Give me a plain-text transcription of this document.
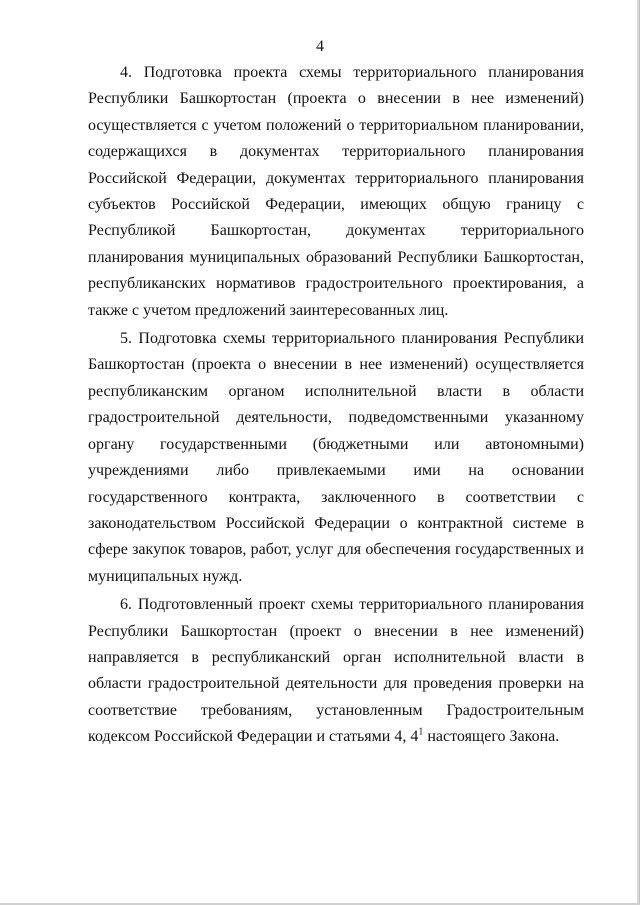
4

4. Подготовка проекта схемы территориального планирования Республики Башкортостан (проекта о внесении в нее изменений) осуществляется с учетом положений о территориальном планировании, содержащихся в документах территориального планирования Российской Федерации, документах территориального планирования субъектов Российской Федерации, имеющих общую границу с Республикой Башкортостан, документах территориального планирования муниципальных образований Республики Башкортостан, республиканских нормативов градостроительного проектирования, а также с учетом предложений заинтересованных лиц.

5. Подготовка схемы территориального планирования Республики Башкортостан (проекта о внесении в нее изменений) осуществляется республиканским органом исполнительной власти в области градостроительной деятельности, подведомственными указанному органу государственными (бюджетными или автономными) учреждениями либо привлекаемыми ими на основании государственного контракта, заключенного в соответствии с законодательством Российской Федерации о контрактной системе в сфере закупок товаров, работ, услуг для обеспечения государственных и муниципальных нужд.

6. Подготовленный проект схемы территориального планирования Республики Башкортостан (проект о внесении в нее изменений) направляется в республиканский орган исполнительной власти в области градостроительной деятельности для проведения проверки на соответствие требованиям, установленным Градостроительным кодексом Российской Федерации и статьями 4, $4^1$ настоящего Закона.
